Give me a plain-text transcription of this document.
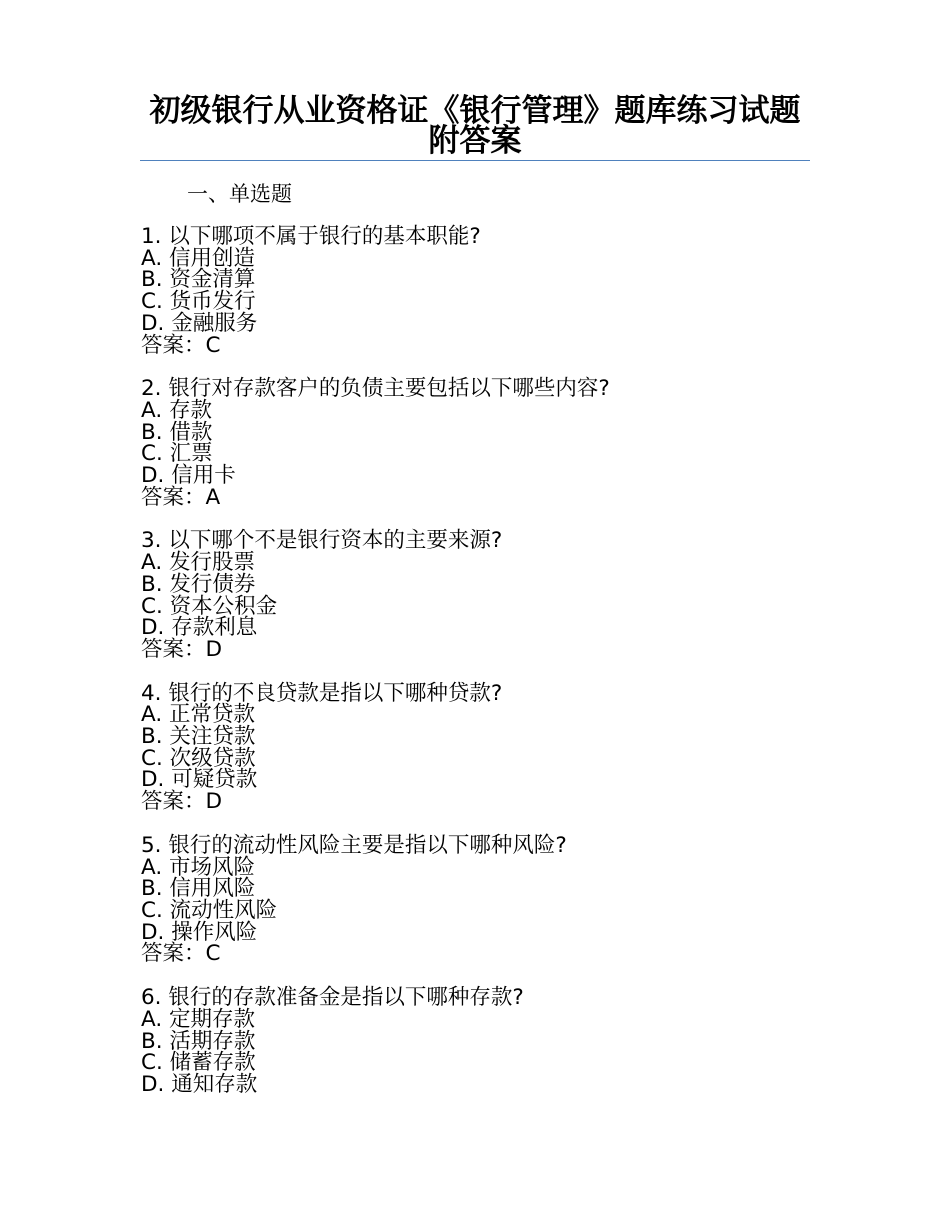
初级银行从业资格证《银行管理》题库练习试题 附答案
一、单选题
1. 以下哪项不属于银行的基本职能?
A. 信用创造
B. 资金清算
C. 货币发行
D. 金融服务
答案：C
2. 银行对存款客户的负债主要包括以下哪些内容?
A. 存款
B. 借款
C. 汇票
D. 信用卡
答案：A
3. 以下哪个不是银行资本的主要来源?
A. 发行股票
B. 发行债券
C. 资本公积金
D. 存款利息
答案：D
4. 银行的不良贷款是指以下哪种贷款?
A. 正常贷款
B. 关注贷款
C. 次级贷款
D. 可疑贷款
答案：D
5. 银行的流动性风险主要是指以下哪种风险?
A. 市场风险
B. 信用风险
C. 流动性风险
D. 操作风险
答案：C
6. 银行的存款准备金是指以下哪种存款?
A. 定期存款
B. 活期存款
C. 储蓄存款
D. 通知存款
